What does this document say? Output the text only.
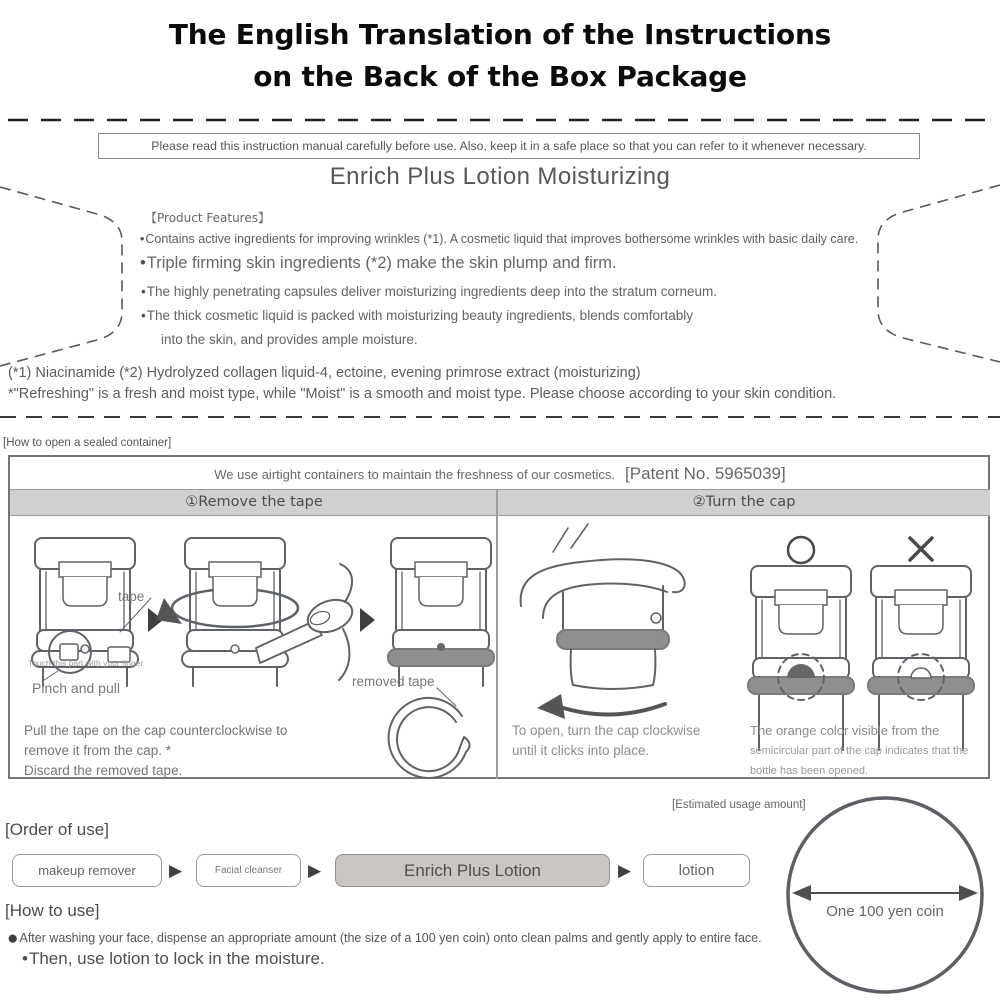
The English Translation of the Instructions
on the Back of the Box Package
Please read this instruction manual carefully before use. Also, keep it in a safe place so that you can refer to it whenever necessary.
Enrich Plus Lotion Moisturizing
【Product Features】
•Contains active ingredients for improving wrinkles (*1). A cosmetic liquid that improves bothersome wrinkles with basic daily care.
•Triple firming skin ingredients (*2) make the skin plump and firm.
•The highly penetrating capsules deliver moisturizing ingredients deep into the stratum corneum.
•The thick cosmetic liquid is packed with moisturizing beauty ingredients, blends comfortably
into the skin, and provides ample moisture.
(*1) Niacinamide (*2) Hydrolyzed collagen liquid-4, ectoine, evening primrose extract (moisturizing)
*"Refreshing" is a fresh and moist type, while "Moist" is a smooth and moist type. Please choose according to your skin condition.
[How to open a sealed container]
We use airtight containers to maintain the freshness of our cosmetics. [Patent No. 5965039]
①Remove the tape	②Turn the cap
tape
Touch this part with your finger
Pinch and pull	removed tape
Pull the tape on the cap counterclockwise to
remove it from the cap. *
Discard the removed tape.
To open, turn the cap clockwise
until it clicks into place.
The orange color visible from the
semicircular part of the cap indicates that the
bottle has been opened.
[Estimated usage amount]
One 100 yen coin
[Order of use]
makeup remover ▶	Facial cleanser ▶	Enrich Plus Lotion	▶	lotion
[How to use]
●After washing your face, dispense an appropriate amount (the size of a 100 yen coin) onto clean palms and gently apply to entire face.
•Then, use lotion to lock in the moisture.
